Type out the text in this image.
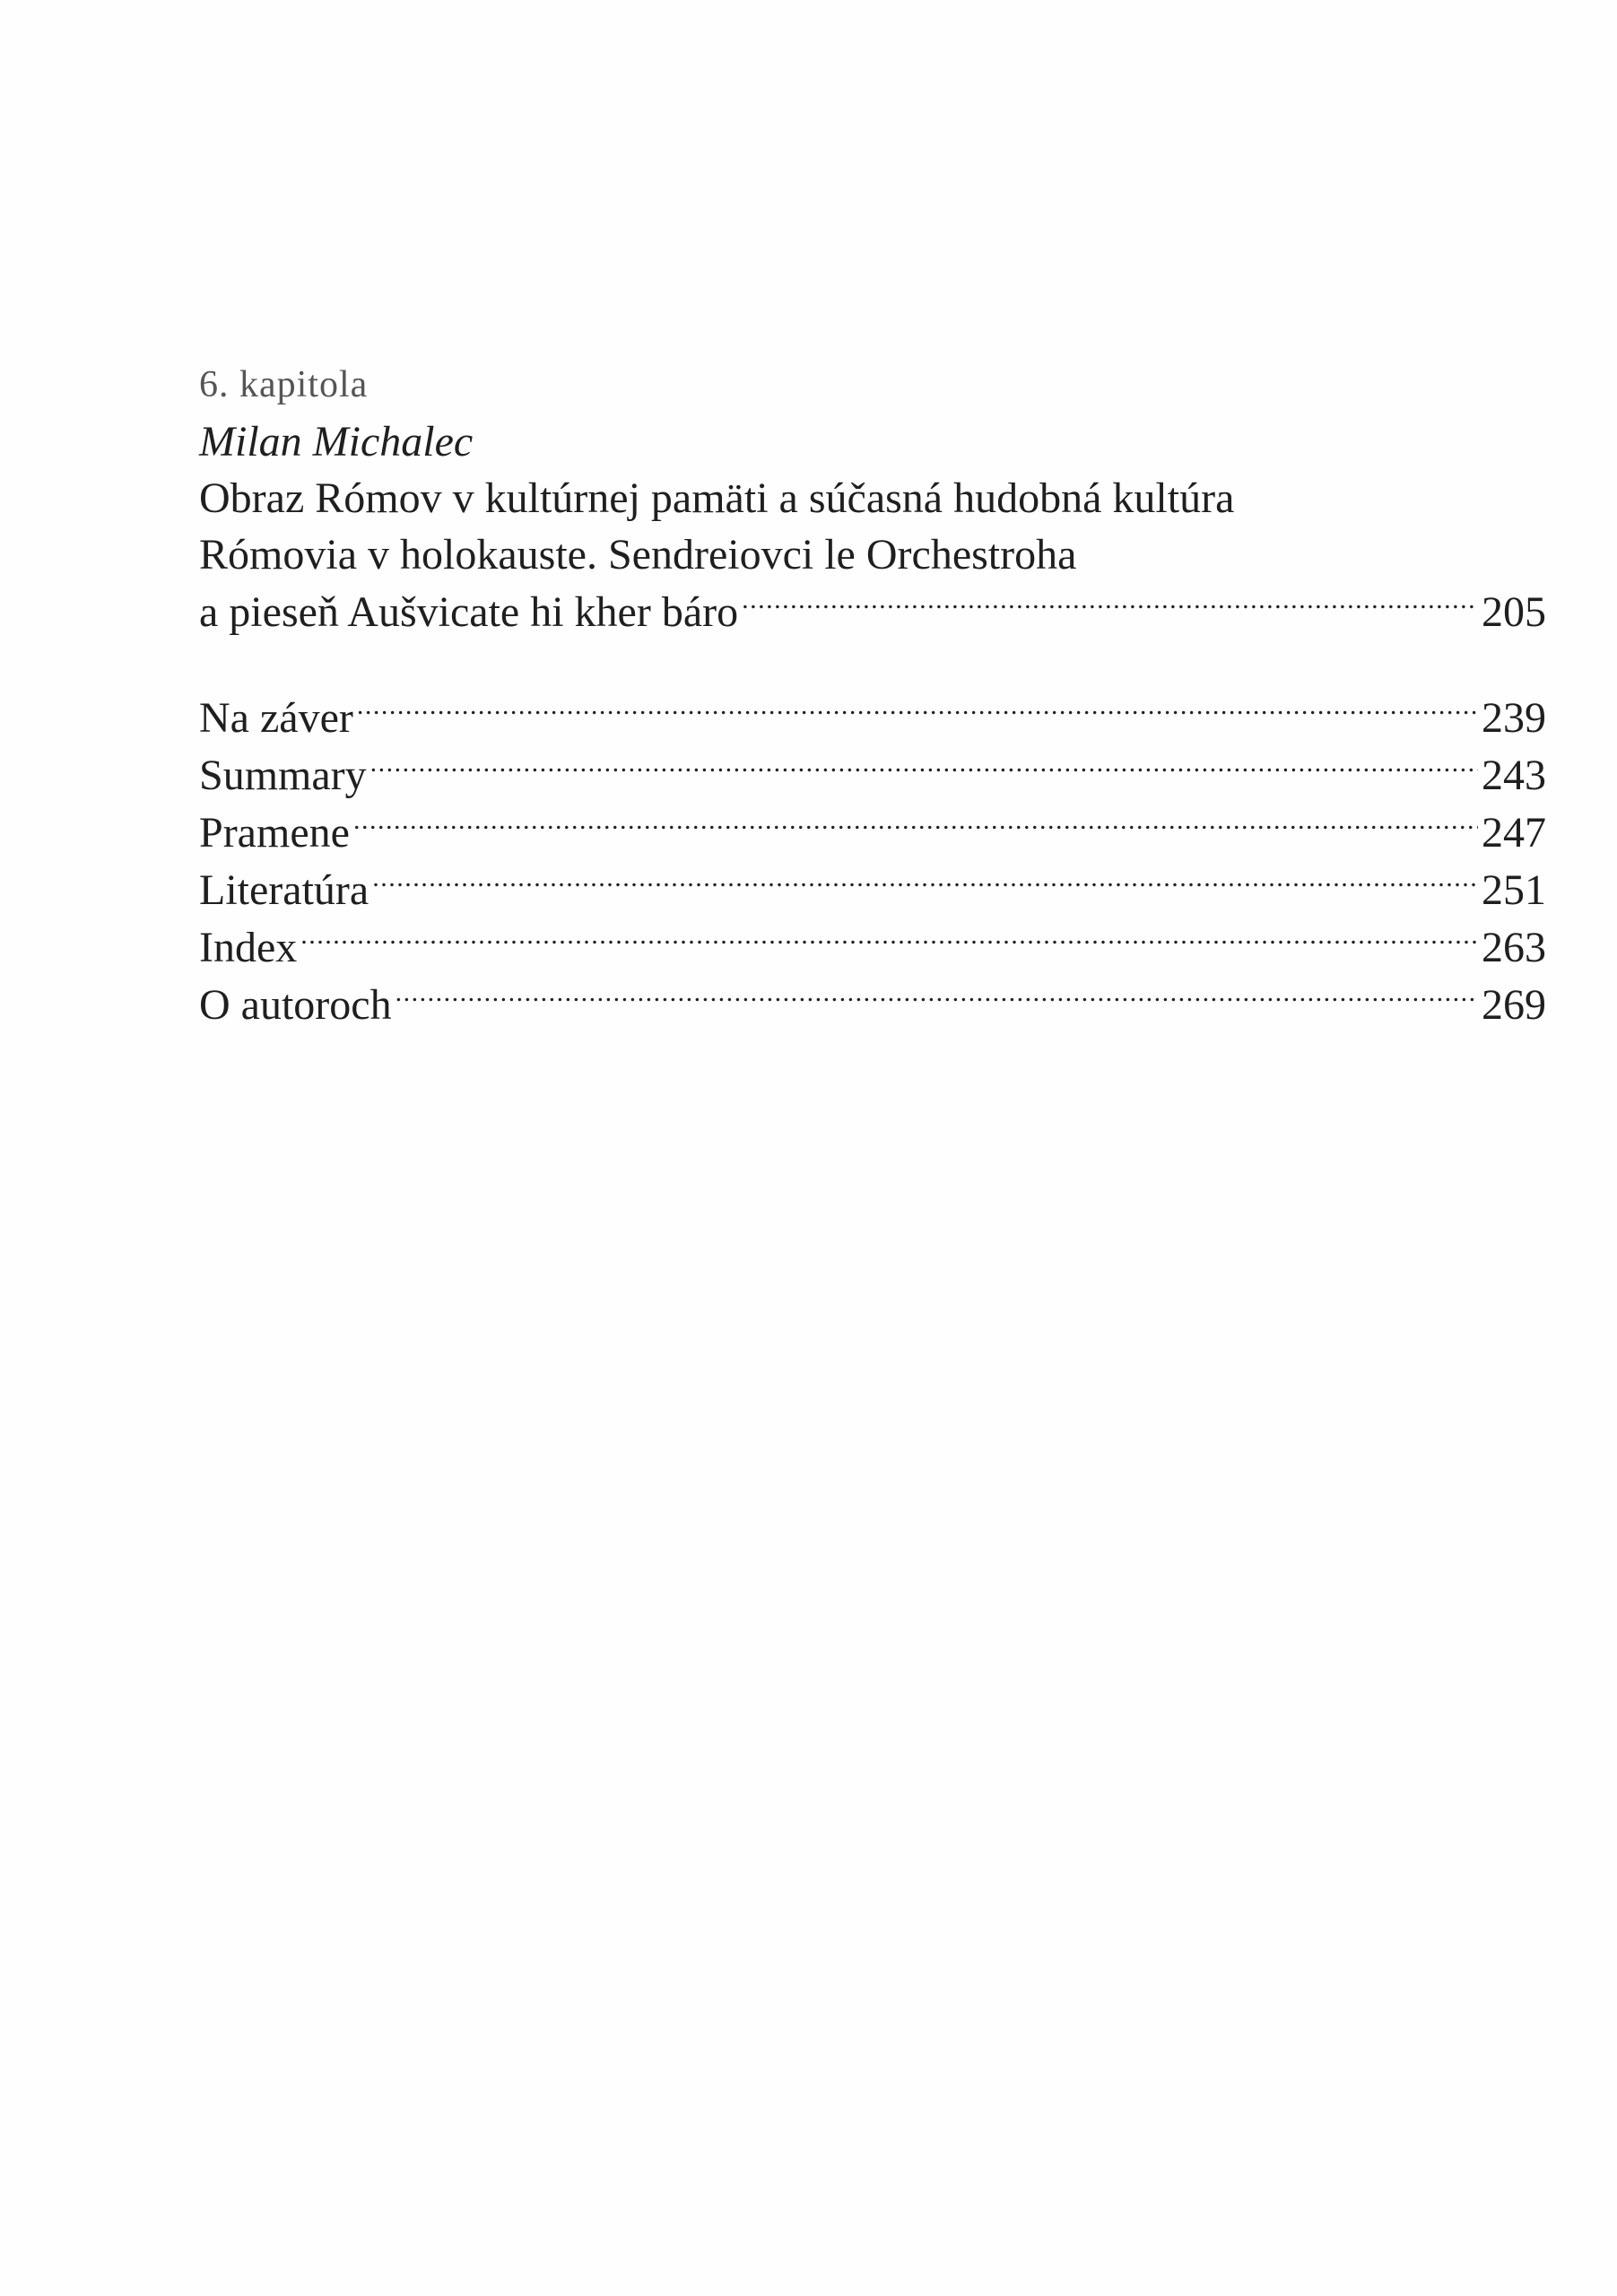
6. kapitola
Milan Michalec
Obraz Rómov v kultúrnej pamäti a súčasná hudobná kultúra
Rómovia v holokauste. Sendreiovci le Orchestroha
a pieseň Aušvicate hi kher báro .....	205
Na záver .....	239
Summary .....	243
Pramene .....	247
Literatúra .....	251
Index .....	263
O autoroch .....	269
